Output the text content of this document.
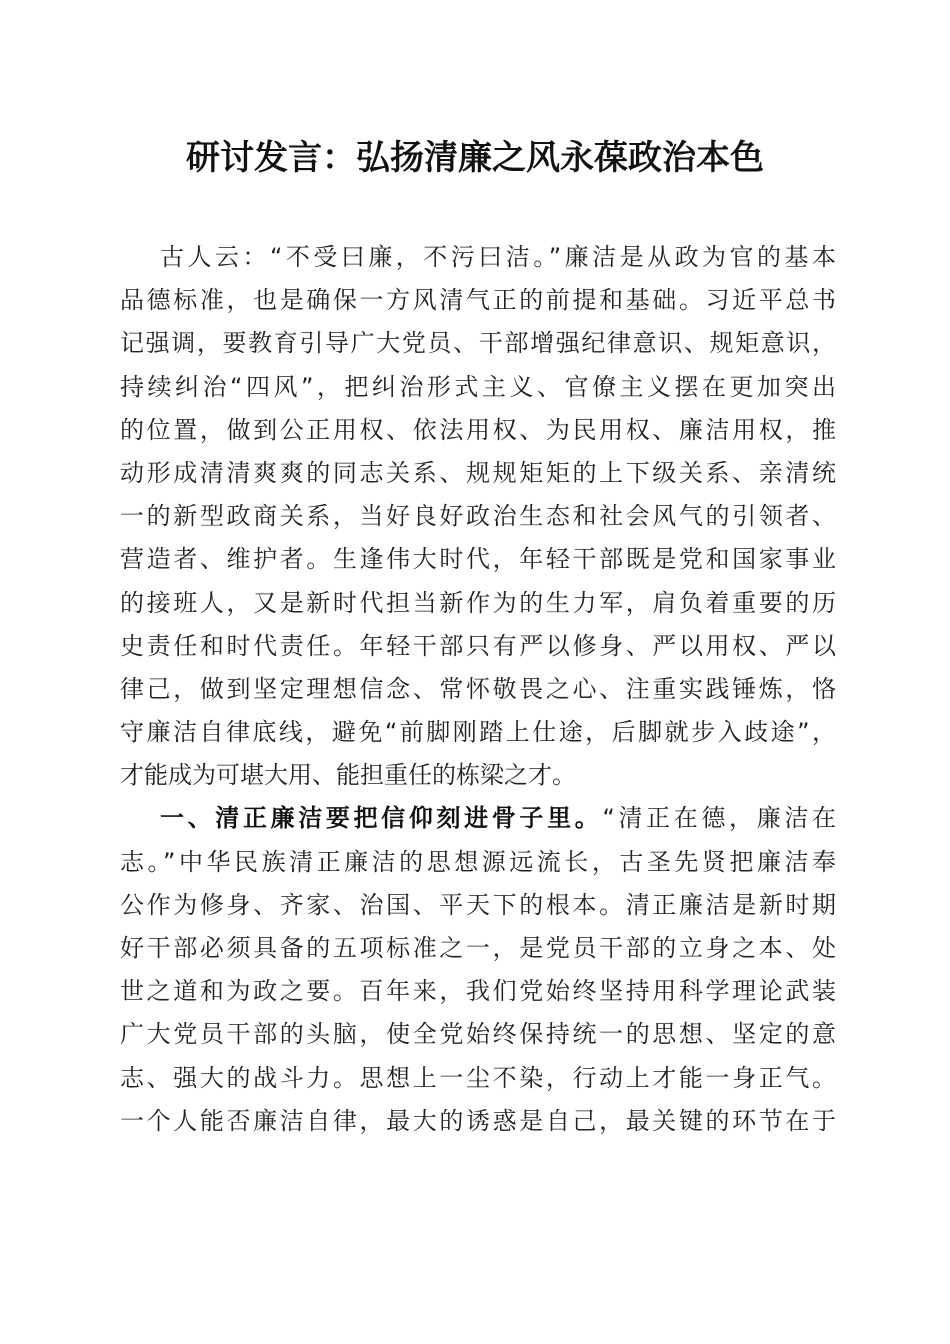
研讨发言：弘扬清廉之风永葆政治本色
古人云：“不受曰廉，不污曰洁。”廉洁是从政为官的基本
品德标准，也是确保一方风清气正的前提和基础。习近平总书
记强调，要教育引导广大党员、干部增强纪律意识、规矩意识，
持续纠治“四风”，把纠治形式主义、官僚主义摆在更加突出
的位置，做到公正用权、依法用权、为民用权、廉洁用权，推
动形成清清爽爽的同志关系、规规矩矩的上下级关系、亲清统
一的新型政商关系，当好良好政治生态和社会风气的引领者、
营造者、维护者。生逢伟大时代，年轻干部既是党和国家事业
的接班人，又是新时代担当新作为的生力军，肩负着重要的历
史责任和时代责任。年轻干部只有严以修身、严以用权、严以
律己，做到坚定理想信念、常怀敬畏之心、注重实践锤炼，恪
守廉洁自律底线，避免“前脚刚踏上仕途，后脚就步入歧途”，
才能成为可堪大用、能担重任的栋梁之才。
一、清正廉洁要把信仰刻进骨子里。“清正在德，廉洁在
志。”中华民族清正廉洁的思想源远流长，古圣先贤把廉洁奉
公作为修身、齐家、治国、平天下的根本。清正廉洁是新时期
好干部必须具备的五项标准之一，是党员干部的立身之本、处
世之道和为政之要。百年来，我们党始终坚持用科学理论武装
广大党员干部的头脑，使全党始终保持统一的思想、坚定的意
志、强大的战斗力。思想上一尘不染，行动上才能一身正气。
一个人能否廉洁自律，最大的诱惑是自己，最关键的环节在于
